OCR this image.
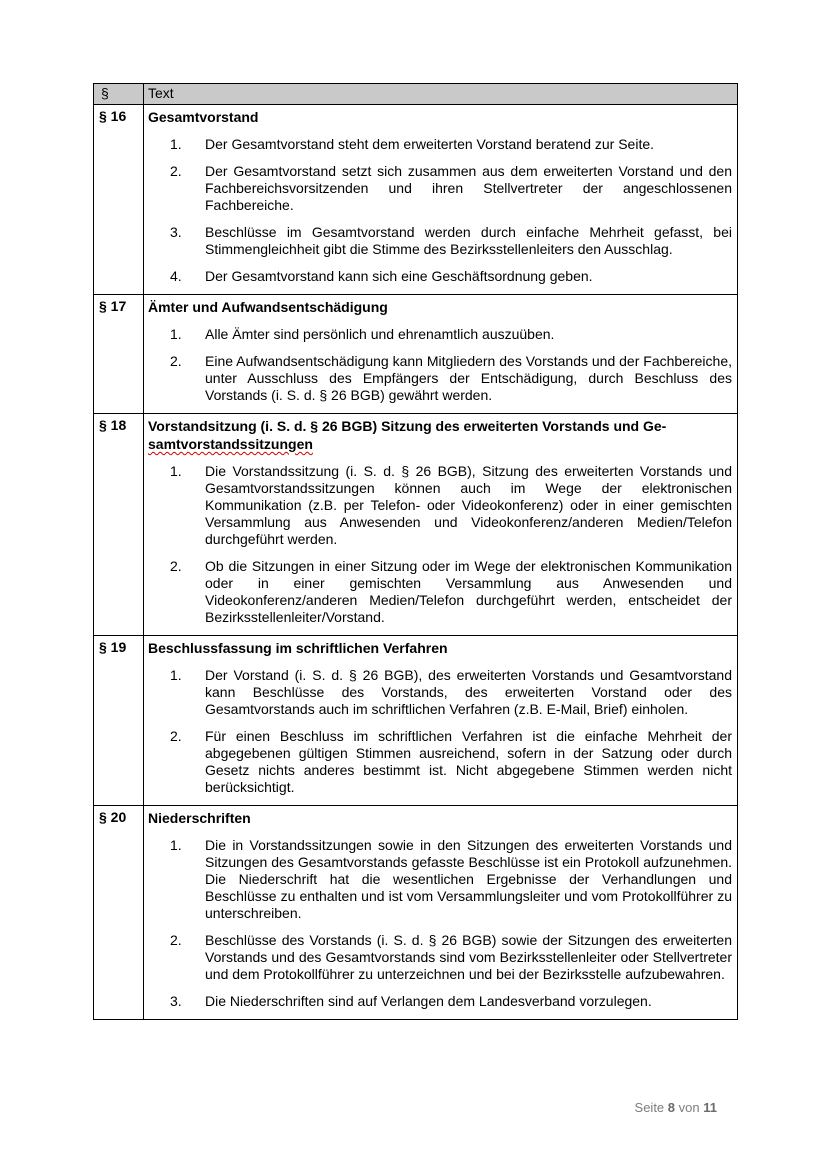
§	Text
§ 16	Gesamtvorstand
1. Der Gesamtvorstand steht dem erweiterten Vorstand beratend zur Seite.
2. Der Gesamtvorstand setzt sich zusammen aus dem erweiterten Vorstand und den Fachbereichsvorsitzenden und ihren Stellvertreter der angeschlossenen Fachbereiche.
3. Beschlüsse im Gesamtvorstand werden durch einfache Mehrheit gefasst, bei Stimmengleichheit gibt die Stimme des Bezirksstellenleiters den Ausschlag.
4. Der Gesamtvorstand kann sich eine Geschäftsordnung geben.

§ 17	Ämter und Aufwandsentschädigung
1. Alle Ämter sind persönlich und ehrenamtlich auszuüben.
2. Eine Aufwandsentschädigung kann Mitgliedern des Vorstands und der Fachbereiche, unter Ausschluss des Empfängers der Entschädigung, durch Beschluss des Vorstands (i. S. d. § 26 BGB) gewährt werden.

§ 18	Vorstandsitzung (i. S. d. § 26 BGB) Sitzung des erweiterten Vorstands und Ge-
samtvorstandssitzungen
1. Die Vorstandssitzung (i. S. d. § 26 BGB), Sitzung des erweiterten Vorstands und Gesamtvorstandssitzungen können auch im Wege der elektronischen Kommunikation (z.B. per Telefon- oder Videokonferenz) oder in einer gemischten Versammlung aus Anwesenden und Videokonferenz/anderen Medien/Telefon durchgeführt werden.
2. Ob die Sitzungen in einer Sitzung oder im Wege der elektronischen Kommunikation oder in einer gemischten Versammlung aus Anwesenden und Videokonferenz/anderen Medien/Telefon durchgeführt werden, entscheidet der Bezirksstellenleiter/Vorstand.

§ 19	Beschlussfassung im schriftlichen Verfahren
1. Der Vorstand (i. S. d. § 26 BGB), des erweiterten Vorstands und Gesamtvorstand kann Beschlüsse des Vorstands, des erweiterten Vorstand oder des Gesamtvorstands auch im schriftlichen Verfahren (z.B. E-Mail, Brief) einholen.
2. Für einen Beschluss im schriftlichen Verfahren ist die einfache Mehrheit der abgegebenen gültigen Stimmen ausreichend, sofern in der Satzung oder durch Gesetz nichts anderes bestimmt ist. Nicht abgegebene Stimmen werden nicht berücksichtigt.

§ 20	Niederschriften
1. Die in Vorstandssitzungen sowie in den Sitzungen des erweiterten Vorstands und Sitzungen des Gesamtvorstands gefasste Beschlüsse ist ein Protokoll aufzunehmen. Die Niederschrift hat die wesentlichen Ergebnisse der Verhandlungen und Beschlüsse zu enthalten und ist vom Versammlungsleiter und vom Protokollführer zu unterschreiben.
2. Beschlüsse des Vorstands (i. S. d. § 26 BGB) sowie der Sitzungen des erweiterten Vorstands und des Gesamtvorstands sind vom Bezirksstellenleiter oder Stellvertreter und dem Protokollführer zu unterzeichnen und bei der Bezirksstelle aufzubewahren.
3. Die Niederschriften sind auf Verlangen dem Landesverband vorzulegen.
Seite 8 von 11
